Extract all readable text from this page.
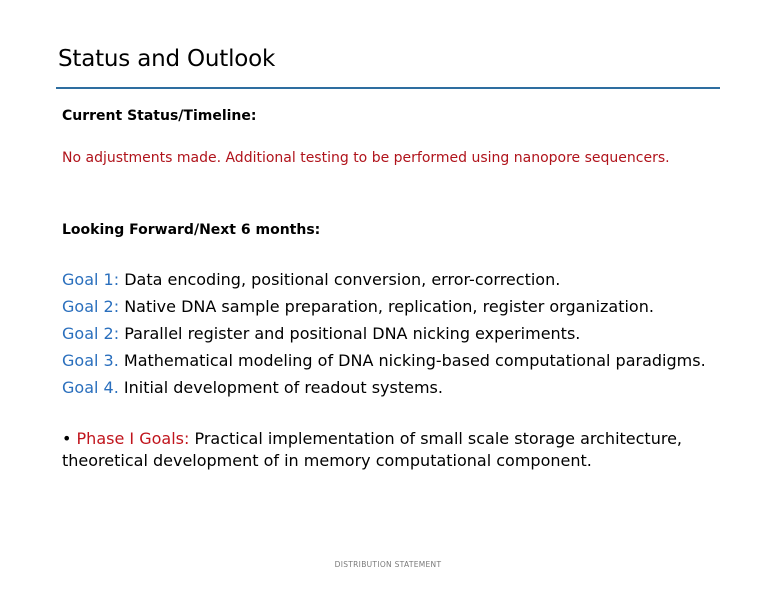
Status and Outlook
Current Status/Timeline:
No adjustments made. Additional testing to be performed using nanopore sequencers.
Looking Forward/Next 6 months:
Goal 1: Data encoding, positional conversion, error-correction.
Goal 2: Native DNA sample preparation, replication, register organization.
Goal 2: Parallel register and positional DNA nicking experiments.
Goal 3. Mathematical modeling of DNA nicking-based computational paradigms.
Goal 4. Initial development of readout systems.
• Phase I Goals: Practical implementation of small scale storage architecture, theoretical development of in memory computational component.
DISTRIBUTION STATEMENT
